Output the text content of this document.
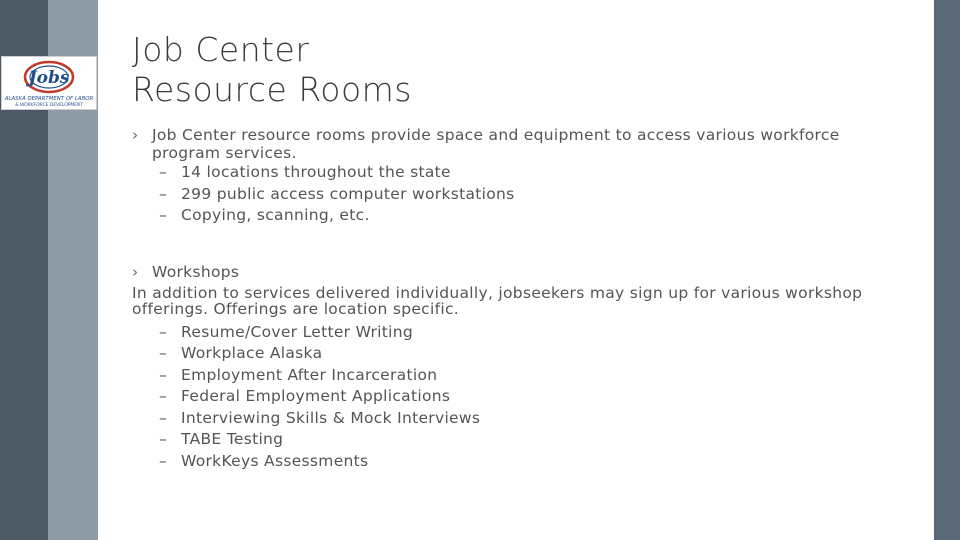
Jobs
ALASKA DEPARTMENT OF LABOR
& WORKFORCE DEVELOPMENT
Job Center
Resource Rooms
› Job Center resource rooms provide space and equipment to access various workforce program services.
– 14 locations throughout the state
– 299 public access computer workstations
– Copying, scanning, etc.
› Workshops
In addition to services delivered individually, jobseekers may sign up for various workshop offerings. Offerings are location specific.
– Resume/Cover Letter Writing
– Workplace Alaska
– Employment After Incarceration
– Federal Employment Applications
– Interviewing Skills & Mock Interviews
– TABE Testing
– WorkKeys Assessments
